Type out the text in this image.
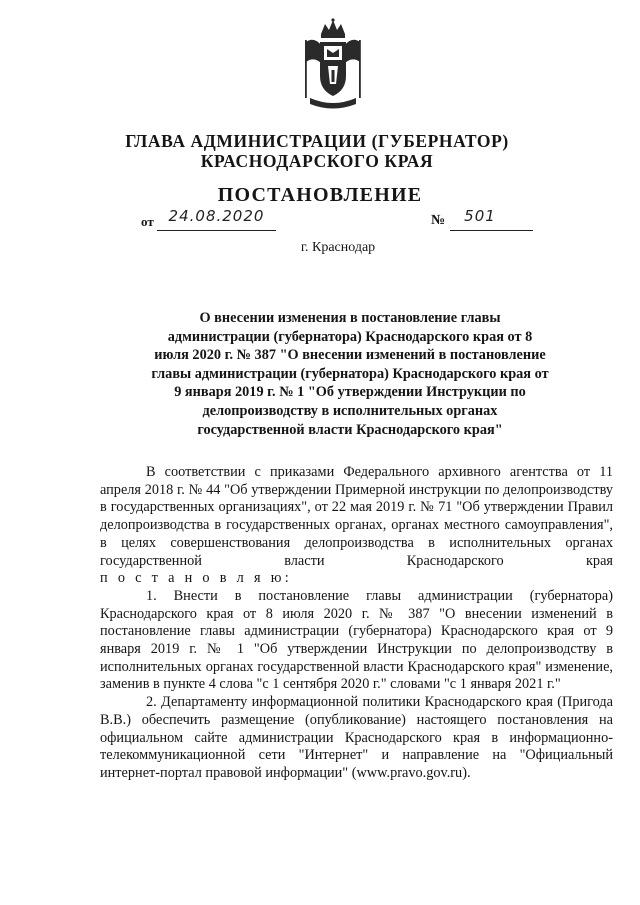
ГЛАВА АДМИНИСТРАЦИИ (ГУБЕРНАТОР)
КРАСНОДАРСКОГО КРАЯ
ПОСТАНОВЛЕНИЕ
от 24.08.2020	№	501
г. Краснодар
О внесении изменения в постановление главы администрации (губернатора) Краснодарского края от 8 июля 2020 г. № 387 "О внесении изменений в постановление главы администрации (губернатора) Краснодарского края от 9 января 2019 г. № 1 "Об утверждении Инструкции по делопроизводству в исполнительных органах государственной власти Краснодарского края"

В соответствии с приказами Федерального архивного агентства от 11 апреля 2018 г. № 44 "Об утверждении Примерной инструкции по делопроизводству в государственных организациях", от 22 мая 2019 г. № 71 "Об утверждении Правил делопроизводства в государственных органах, органах местного самоуправления", в целях совершенствования делопроизводства в исполнительных органах государственной власти Краснодарского края

п о с т а н о в л я ю:

1. Внести в постановление главы администрации (губернатора) Краснодарского края от 8 июля 2020 г. № 387 "О внесении изменений в постановление главы администрации (губернатора) Краснодарского края от 9 января 2019 г. № 1 "Об утверждении Инструкции по делопроизводству в исполнительных органах государственной власти Краснодарского края" изменение, заменив в пункте 4 слова "с 1 сентября 2020 г." словами "с 1 января 2021 г."

2. Департаменту информационной политики Краснодарского края (Пригода В.В.) обеспечить размещение (опубликование) настоящего постановления на официальном сайте администрации Краснодарского края в информационно-телекоммуникационной сети "Интернет" и направление на "Официальный интернет-портал правовой информации" (www.pravo.gov.ru).
